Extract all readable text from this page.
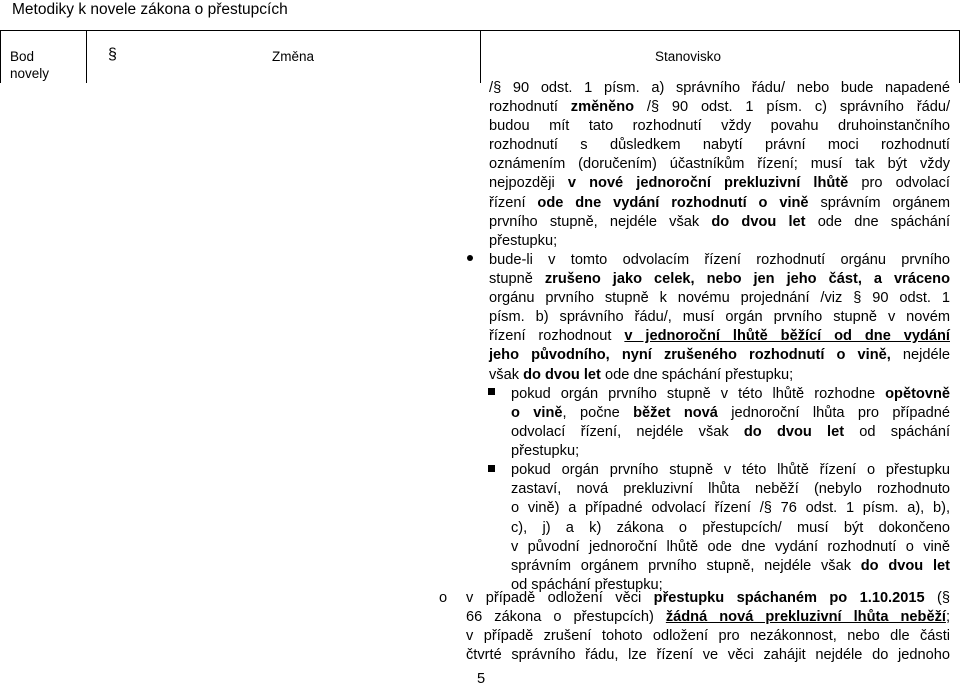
Metodiky k novele zákona o přestupcích
Bod
novely
§	Změna	Stanovisko
/§ 90 odst. 1 písm. a) správního řádu/ nebo bude napadené
rozhodnutí změněno /§ 90 odst. 1 písm. c) správního řádu/
budou mít tato rozhodnutí vždy povahu druhoinstančního
rozhodnutí s důsledkem nabytí právní moci rozhodnutí
oznámením (doručením) účastníkům řízení; musí tak být vždy
nejpozději v nové jednoroční prekluzivní lhůtě pro odvolací
řízení ode dne vydání rozhodnutí o vině správním orgánem
prvního stupně, nejdéle však do dvou let ode dne spáchání
přestupku;
bude-li v tomto odvolacím řízení rozhodnutí orgánu prvního
stupně zrušeno jako celek, nebo jen jeho část, a vráceno
orgánu prvního stupně k novému projednání /viz § 90 odst. 1
písm. b) správního řádu/, musí orgán prvního stupně v novém
řízení rozhodnout v jednoroční lhůtě běžící od dne vydání
jeho původního, nyní zrušeného rozhodnutí o vině, nejdéle
však do dvou let ode dne spáchání přestupku;
pokud orgán prvního stupně v této lhůtě rozhodne opětovně
o vině, počne běžet nová jednoroční lhůta pro případné
odvolací řízení, nejdéle však do dvou let od spáchání
přestupku;
pokud orgán prvního stupně v této lhůtě řízení o přestupku
zastaví, nová prekluzivní lhůta neběží (nebylo rozhodnuto
o vině) a případné odvolací řízení /§ 76 odst. 1 písm. a), b),
c), j) a k) zákona o přestupcích/ musí být dokončeno
v původní jednoroční lhůtě ode dne vydání rozhodnutí o vině
správním orgánem prvního stupně, nejdéle však do dvou let
od spáchání přestupku;
o v případě odložení věci přestupku spáchaném po 1.10.2015 (§
66 zákona o přestupcích) žádná nová prekluzivní lhůta neběží;
v případě zrušení tohoto odložení pro nezákonnost, nebo dle části
čtvrté správního řádu, lze řízení ve věci zahájit nejdéle do jednoho
5
